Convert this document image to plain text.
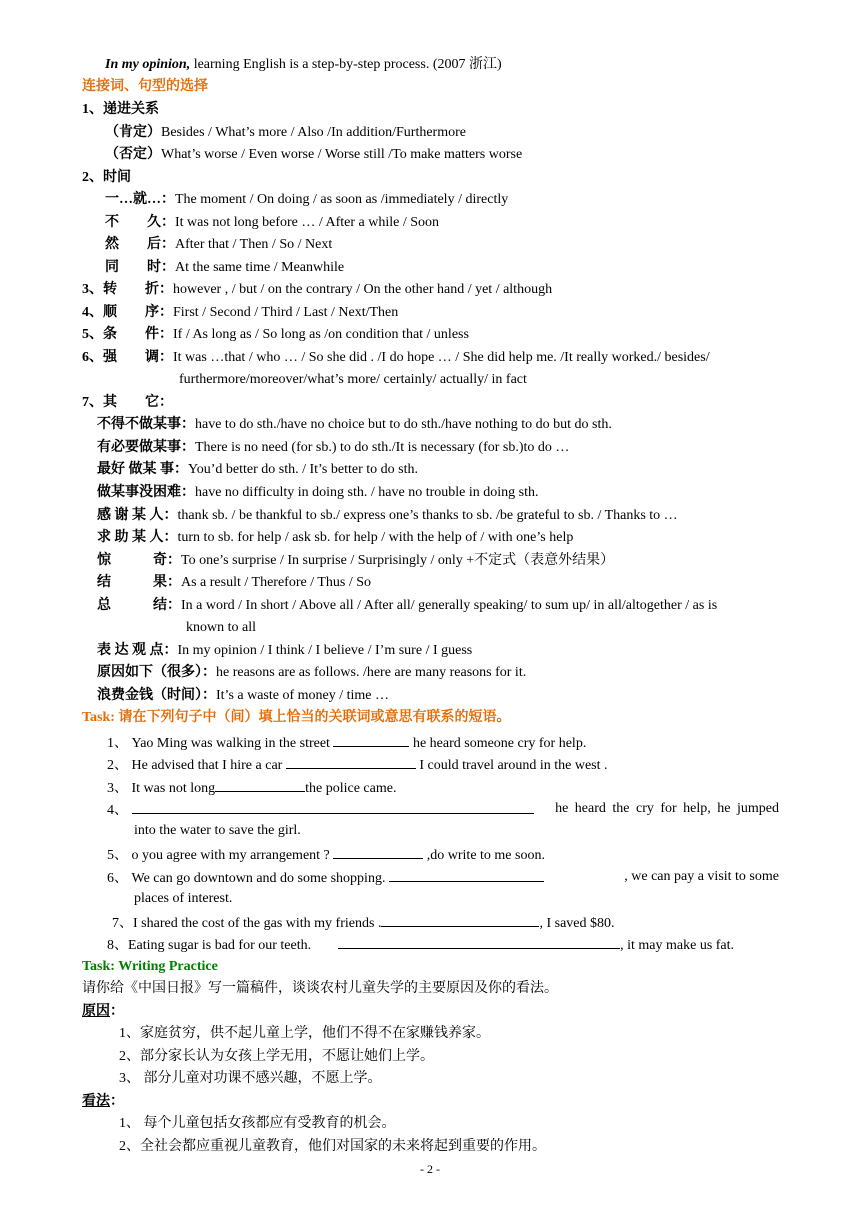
In my opinion, learning English is a step-by-step process. (2007 浙江)
连接词、句型的选择
1、递进关系
（肯定）Besides / What’s more / Also /In addition/Furthermore
（否定）What’s worse / Even worse / Worse still /To make matters worse
2、时间
一…就…：The moment / On doing / as soon as /immediately / directly
不　　久：It was not long before … / After a while / Soon
然　　后：After that / Then / So / Next
同　　时：At the same time / Meanwhile
3、转　　折：however , / but / on the contrary / On the other hand / yet / although
4、顺　　序：First / Second / Third / Last / Next/Then
5、条　　件：If / As long as / So long as /on condition that / unless
6、强　　调：It was …that / who … / So she did . /I do hope … / She did help me. /It really worked./ besides/
furthermore/moreover/what’s more/ certainly/ actually/ in fact
7、其　　它：
不得不做某事：have to do sth./have no choice but to do sth./have nothing to do but do sth.
有必要做某事：There is no need (for sb.) to do sth./It is necessary (for sb.)to do …
最好 做某 事：You’d better do sth. / It’s better to do sth.
做某事没困难：have no difficulty in doing sth. / have no trouble in doing sth.
感 谢 某 人：thank sb. / be thankful to sb./ express one’s thanks to sb. /be grateful to sb. / Thanks to …
求 助 某 人：turn to sb. for help / ask sb. for help / with the help of / with one’s help
惊　　　奇：To one’s surprise / In surprise / Surprisingly / only +不定式（表意外结果）
结　　　果：As a result / Therefore / Thus / So
总　　　结：In a word / In short / Above all / After all/ generally speaking/ to sum up/ in all/altogether / as is
known to all
表 达 观 点：In my opinion / I think / I believe / I’m sure / I guess
原因如下（很多）：he reasons are as follows. /here are many reasons for it.
浪费金钱（时间）：It’s a waste of money / time …
Task: 请在下列句子中（间）填上恰当的关联词或意思有联系的短语。
1、 Yao Ming was walking in the street	he heard someone cry for help.
2、 He advised that I hire a car	I could travel around in the west .
3、 It was not long	the police came.
4、	he heard the cry for help, he jumped
into the water to save the girl.
5、 o you agree with my arrangement ?	,do write to me soon.
6、 We can go downtown and do some shopping.	, we can pay a visit to some
places of interest.
7、I shared the cost of the gas with my friends .	, I saved $80.
8、Eating sugar is bad for our teeth.	, it may make us fat.
Task: Writing Practice
请你给《中国日报》写一篇稿件，谈谈农村儿童失学的主要原因及你的看法。
原因：
1、家庭贫穷，供不起儿童上学，他们不得不在家赚钱养家。
2、部分家长认为女孩上学无用，不愿让她们上学。
3、 部分儿童对功课不感兴趣，不愿上学。
看法：
1、 每个儿童包括女孩都应有受教育的机会。
2、全社会都应重视儿童教育，他们对国家的未来将起到重要的作用。
- 2 -
